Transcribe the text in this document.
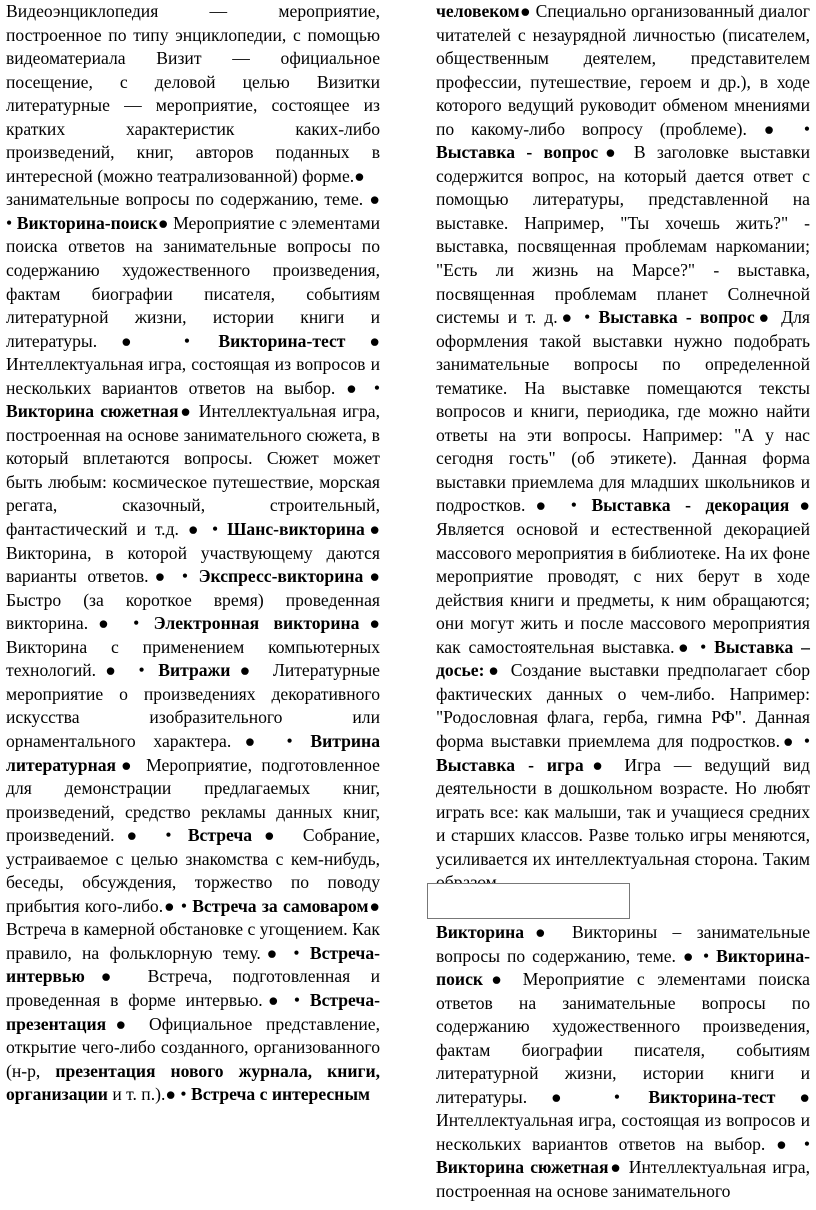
Видеоэнциклопедия — мероприятие, построенное по типу энциклопедии, с помощью видеоматериала Визит — официальное посещение, с деловой целью Визитки литературные — мероприятие, состоящее из кратких характеристик каких-либо произведений, книг, авторов поданных в интересной (можно театрализованной) форме.●
занимательные вопросы по содержанию, теме. ● • Викторина-поиск● Мероприятие с элементами поиска ответов на занимательные вопросы по содержанию художественного произведения, фактам биографии писателя, событиям литературной жизни, истории книги и литературы.● • Викторина-тест● Интеллектуальная игра, состоящая из вопросов и нескольких вариантов ответов на выбор. ● • Викторина сюжетная● Интеллектуальная игра, построенная на основе занимательного сюжета, в который вплетаются вопросы. Сюжет может быть любым: космическое путешествие, морская регата, сказочный, строительный, фантастический и т.д. ● • Шанс-викторина● Викторина, в которой участвующему даются варианты ответов.● • Экспресс-викторина● Быстро (за короткое время) проведенная викторина.● • Электронная викторина● Викторина с применением компьютерных технологий.● • Витражи● Литературные мероприятие о произведениях декоративного искусства изобразительного или орнаментального характера.● • Витрина литературная● Мероприятие, подготовленное для демонстрации предлагаемых книг, произведений, средство рекламы данных книг, произведений.● • Встреча● Собрание, устраиваемое с целью знакомства с кем-нибудь, беседы, обсуждения, торжество по поводу прибытия кого-либо.● • Встреча за самоваром● Встреча в камерной обстановке с угощением. Как правило, на фольклорную тему.● • Встреча-интервью● Встреча, подготовленная и проведенная в форме интервью.● • Встреча-презентация● Официальное представление, открытие чего-либо созданного, организованного (н-р, презентация нового журнала, книги, организации и т. п.).● • Встреча с интересным
человеком● Специально организованный диалог читателей с незаурядной личностью (писателем, общественным деятелем, представителем профессии, путешествие, героем и др.), в ходе которого ведущий руководит обменом мнениями по какому-либо вопросу (проблеме). ● • Выставка - вопрос● В заголовке выставки содержится вопрос, на который дается ответ с помощью литературы, представленной на выставке. Например, "Ты хочешь жить?" - выставка, посвященная проблемам наркомании; "Есть ли жизнь на Марсе?" - выставка, посвященная проблемам планет Солнечной системы и т. д.● • Выставка - вопрос● Для оформления такой выставки нужно подобрать занимательные вопросы по определенной тематике. На выставке помещаются тексты вопросов и книги, периодика, где можно найти ответы на эти вопросы. Например: "А у нас сегодня гость" (об этикете). Данная форма выставки приемлема для младших школьников и подростков.● • Выставка - декорация● Является основой и естественной декорацией массового мероприятия в библиотеке. На их фоне мероприятие проводят, с них берут в ходе действия книги и предметы, к ним обращаются; они могут жить и после массового мероприятия как самостоятельная выставка.● • Выставка – досье:● Создание выставки предполагает сбор фактических данных о чем-либо. Например: "Родословная флага, герба, гимна РФ". Данная форма выставки приемлема для подростков.● • Выставка - игра● Игра — ведущий вид деятельности в дошкольном возрасте. Но любят играть все: как малыши, так и учащиеся средних и старших классов. Разве только игры меняются, усиливается их интеллектуальная сторона. Таким
Викторина● Викторины – занимательные вопросы по содержанию, теме. ● • Викторина-поиск● Мероприятие с элементами поиска ответов на занимательные вопросы по содержанию художественного произведения, фактам биографии писателя, событиям литературной жизни, истории книги и литературы.● • Викторина-тест● Интеллектуальная игра, состоящая из вопросов и нескольких вариантов ответов на выбор. ● • Викторина сюжетная● Интеллектуальная игра, построенная на основе занимательного
